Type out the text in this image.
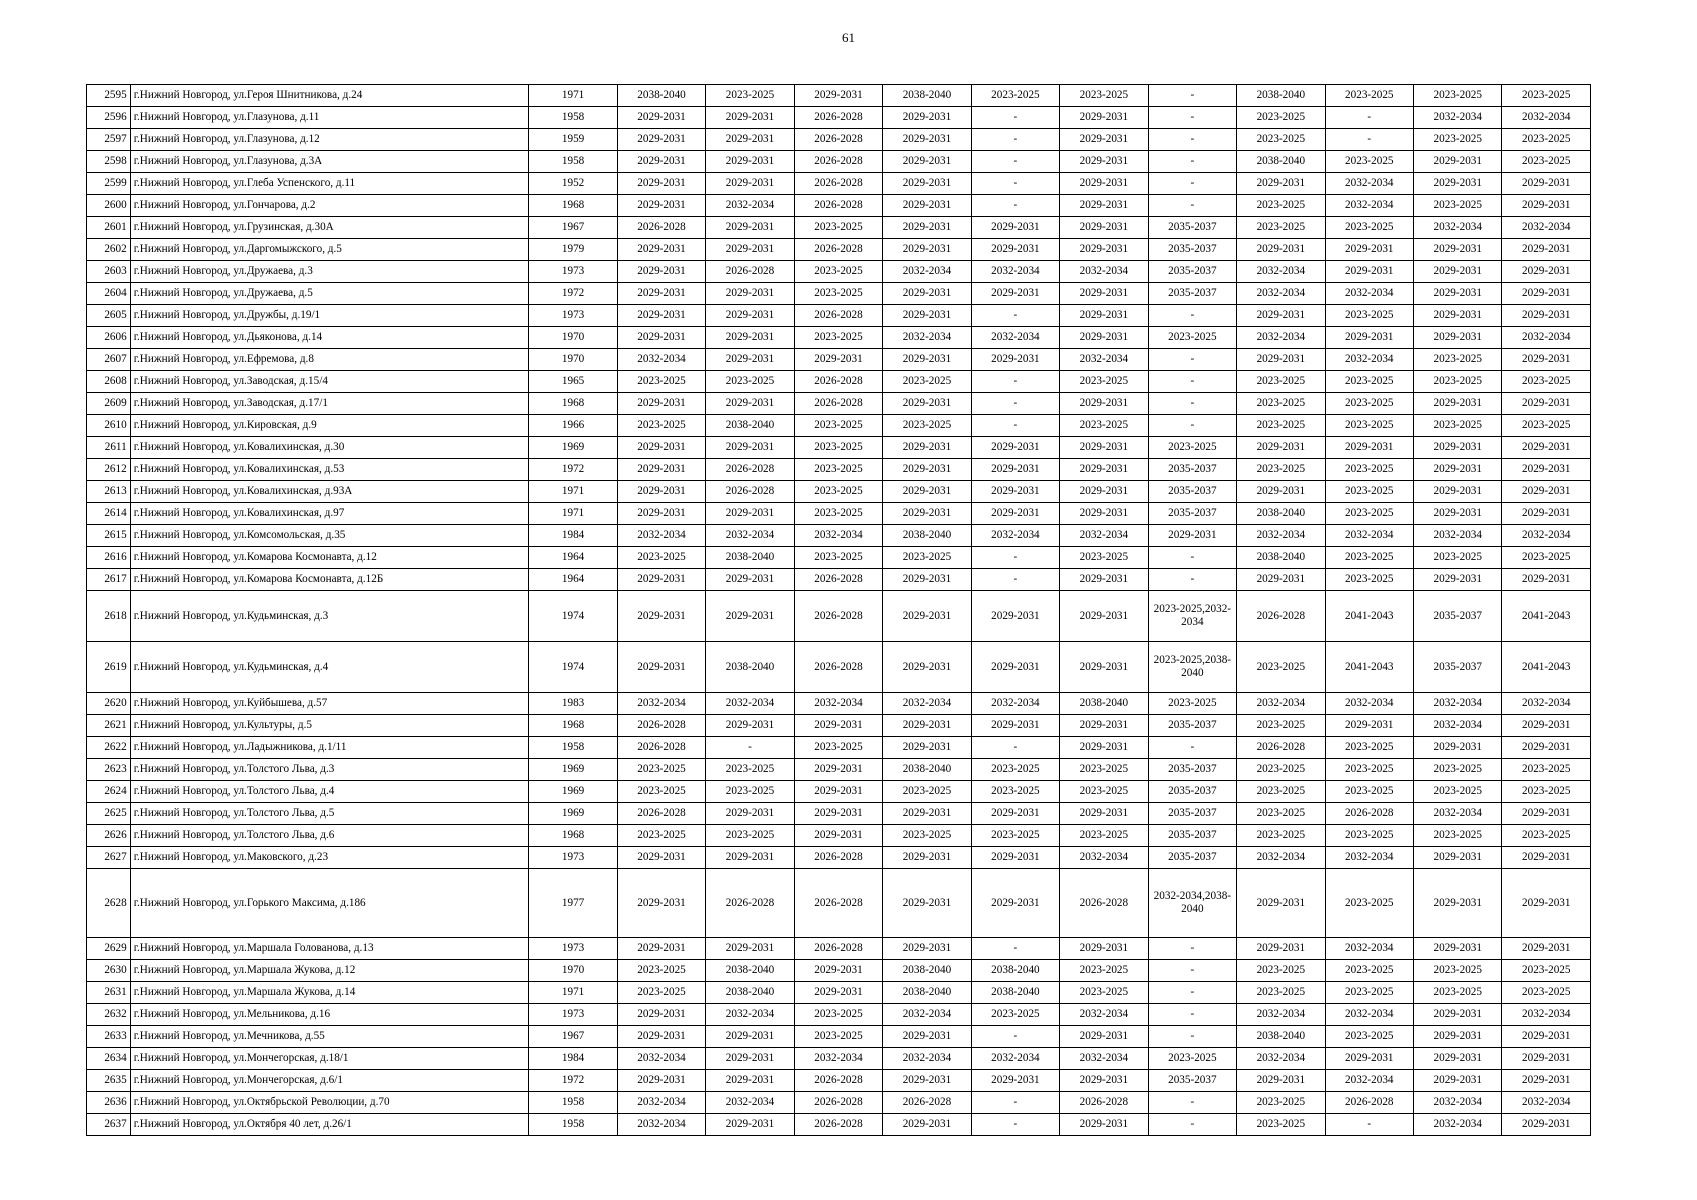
61
2595	г.Нижний Новгород, ул.Героя Шнитникова, д.24	1971	2038-2040	2023-2025	2029-2031	2038-2040	2023-2025	2023-2025	-	2038-2040	2023-2025	2023-2025	2023-2025
2596	г.Нижний Новгород, ул.Глазунова, д.11	1958	2029-2031	2029-2031	2026-2028	2029-2031	-	2029-2031	-	2023-2025	-	2032-2034	2032-2034
2597	г.Нижний Новгород, ул.Глазунова, д.12	1959	2029-2031	2029-2031	2026-2028	2029-2031	-	2029-2031	-	2023-2025	-	2023-2025	2023-2025
2598	г.Нижний Новгород, ул.Глазунова, д.3А	1958	2029-2031	2029-2031	2026-2028	2029-2031	-	2029-2031	-	2038-2040	2023-2025	2029-2031	2023-2025
2599	г.Нижний Новгород, ул.Глеба Успенского, д.11	1952	2029-2031	2029-2031	2026-2028	2029-2031	-	2029-2031	-	2029-2031	2032-2034	2029-2031	2029-2031
2600	г.Нижний Новгород, ул.Гончарова, д.2	1968	2029-2031	2032-2034	2026-2028	2029-2031	-	2029-2031	-	2023-2025	2032-2034	2023-2025	2029-2031
2601	г.Нижний Новгород, ул.Грузинская, д.30А	1967	2026-2028	2029-2031	2023-2025	2029-2031	2029-2031	2029-2031	2035-2037	2023-2025	2023-2025	2032-2034	2032-2034
2602	г.Нижний Новгород, ул.Даргомыжского, д.5	1979	2029-2031	2029-2031	2026-2028	2029-2031	2029-2031	2029-2031	2035-2037	2029-2031	2029-2031	2029-2031	2029-2031
2603	г.Нижний Новгород, ул.Дружаева, д.3	1973	2029-2031	2026-2028	2023-2025	2032-2034	2032-2034	2032-2034	2035-2037	2032-2034	2029-2031	2029-2031	2029-2031
2604	г.Нижний Новгород, ул.Дружаева, д.5	1972	2029-2031	2029-2031	2023-2025	2029-2031	2029-2031	2029-2031	2035-2037	2032-2034	2032-2034	2029-2031	2029-2031
2605	г.Нижний Новгород, ул.Дружбы, д.19/1	1973	2029-2031	2029-2031	2026-2028	2029-2031	-	2029-2031	-	2029-2031	2023-2025	2029-2031	2029-2031
2606	г.Нижний Новгород, ул.Дьяконова, д.14	1970	2029-2031	2029-2031	2023-2025	2032-2034	2032-2034	2029-2031	2023-2025	2032-2034	2029-2031	2029-2031	2032-2034
2607	г.Нижний Новгород, ул.Ефремова, д.8	1970	2032-2034	2029-2031	2029-2031	2029-2031	2029-2031	2032-2034	-	2029-2031	2032-2034	2023-2025	2029-2031
2608	г.Нижний Новгород, ул.Заводская, д.15/4	1965	2023-2025	2023-2025	2026-2028	2023-2025	-	2023-2025	-	2023-2025	2023-2025	2023-2025	2023-2025
2609	г.Нижний Новгород, ул.Заводская, д.17/1	1968	2029-2031	2029-2031	2026-2028	2029-2031	-	2029-2031	-	2023-2025	2023-2025	2029-2031	2029-2031
2610	г.Нижний Новгород, ул.Кировская, д.9	1966	2023-2025	2038-2040	2023-2025	2023-2025	-	2023-2025	-	2023-2025	2023-2025	2023-2025	2023-2025
2611	г.Нижний Новгород, ул.Ковалихинская, д.30	1969	2029-2031	2029-2031	2023-2025	2029-2031	2029-2031	2029-2031	2023-2025	2029-2031	2029-2031	2029-2031	2029-2031
2612	г.Нижний Новгород, ул.Ковалихинская, д.53	1972	2029-2031	2026-2028	2023-2025	2029-2031	2029-2031	2029-2031	2035-2037	2023-2025	2023-2025	2029-2031	2029-2031
2613	г.Нижний Новгород, ул.Ковалихинская, д.93А	1971	2029-2031	2026-2028	2023-2025	2029-2031	2029-2031	2029-2031	2035-2037	2029-2031	2023-2025	2029-2031	2029-2031
2614	г.Нижний Новгород, ул.Ковалихинская, д.97	1971	2029-2031	2029-2031	2023-2025	2029-2031	2029-2031	2029-2031	2035-2037	2038-2040	2023-2025	2029-2031	2029-2031
2615	г.Нижний Новгород, ул.Комсомольская, д.35	1984	2032-2034	2032-2034	2032-2034	2038-2040	2032-2034	2032-2034	2029-2031	2032-2034	2032-2034	2032-2034	2032-2034
2616	г.Нижний Новгород, ул.Комарова Космонавта, д.12	1964	2023-2025	2038-2040	2023-2025	2023-2025	-	2023-2025	-	2038-2040	2023-2025	2023-2025	2023-2025
2617	г.Нижний Новгород, ул.Комарова Космонавта, д.12Б	1964	2029-2031	2029-2031	2026-2028	2029-2031	-	2029-2031	-	2029-2031	2023-2025	2029-2031	2029-2031
2618	г.Нижний Новгород, ул.Кудьминская, д.3	1974	2029-2031	2029-2031	2026-2028	2029-2031	2029-2031	2029-2031	2023-2025,2032-2034	2026-2028	2041-2043	2035-2037	2041-2043
2619	г.Нижний Новгород, ул.Кудьминская, д.4	1974	2029-2031	2038-2040	2026-2028	2029-2031	2029-2031	2029-2031	2023-2025,2038-2040	2023-2025	2041-2043	2035-2037	2041-2043
2620	г.Нижний Новгород, ул.Куйбышева, д.57	1983	2032-2034	2032-2034	2032-2034	2032-2034	2032-2034	2038-2040	2023-2025	2032-2034	2032-2034	2032-2034	2032-2034
2621	г.Нижний Новгород, ул.Культуры, д.5	1968	2026-2028	2029-2031	2029-2031	2029-2031	2029-2031	2029-2031	2035-2037	2023-2025	2029-2031	2032-2034	2029-2031
2622	г.Нижний Новгород, ул.Ладыжникова, д.1/11	1958	2026-2028	-	2023-2025	2029-2031	-	2029-2031	-	2026-2028	2023-2025	2029-2031	2029-2031
2623	г.Нижний Новгород, ул.Толстого Льва, д.3	1969	2023-2025	2023-2025	2029-2031	2038-2040	2023-2025	2023-2025	2035-2037	2023-2025	2023-2025	2023-2025	2023-2025
2624	г.Нижний Новгород, ул.Толстого Льва, д.4	1969	2023-2025	2023-2025	2029-2031	2023-2025	2023-2025	2023-2025	2035-2037	2023-2025	2023-2025	2023-2025	2023-2025
2625	г.Нижний Новгород, ул.Толстого Льва, д.5	1969	2026-2028	2029-2031	2029-2031	2029-2031	2029-2031	2029-2031	2035-2037	2023-2025	2026-2028	2032-2034	2029-2031
2626	г.Нижний Новгород, ул.Толстого Льва, д.6	1968	2023-2025	2023-2025	2029-2031	2023-2025	2023-2025	2023-2025	2035-2037	2023-2025	2023-2025	2023-2025	2023-2025
2627	г.Нижний Новгород, ул.Маковского, д.23	1973	2029-2031	2029-2031	2026-2028	2029-2031	2029-2031	2032-2034	2035-2037	2032-2034	2032-2034	2029-2031	2029-2031
2628	г.Нижний Новгород, ул.Горького Максима, д.186	1977	2029-2031	2026-2028	2026-2028	2029-2031	2029-2031	2026-2028	2032-2034,2038-2040	2029-2031	2023-2025	2029-2031	2029-2031
2629	г.Нижний Новгород, ул.Маршала Голованова, д.13	1973	2029-2031	2029-2031	2026-2028	2029-2031	-	2029-2031	-	2029-2031	2032-2034	2029-2031	2029-2031
2630	г.Нижний Новгород, ул.Маршала Жукова, д.12	1970	2023-2025	2038-2040	2029-2031	2038-2040	2038-2040	2023-2025	-	2023-2025	2023-2025	2023-2025	2023-2025
2631	г.Нижний Новгород, ул.Маршала Жукова, д.14	1971	2023-2025	2038-2040	2029-2031	2038-2040	2038-2040	2023-2025	-	2023-2025	2023-2025	2023-2025	2023-2025
2632	г.Нижний Новгород, ул.Мельникова, д.16	1973	2029-2031	2032-2034	2023-2025	2032-2034	2023-2025	2032-2034	-	2032-2034	2032-2034	2029-2031	2032-2034
2633	г.Нижний Новгород, ул.Мечникова, д.55	1967	2029-2031	2029-2031	2023-2025	2029-2031	-	2029-2031	-	2038-2040	2023-2025	2029-2031	2029-2031
2634	г.Нижний Новгород, ул.Мончегорская, д.18/1	1984	2032-2034	2029-2031	2032-2034	2032-2034	2032-2034	2032-2034	2023-2025	2032-2034	2029-2031	2029-2031	2029-2031
2635	г.Нижний Новгород, ул.Мончегорская, д.6/1	1972	2029-2031	2029-2031	2026-2028	2029-2031	2029-2031	2029-2031	2035-2037	2029-2031	2032-2034	2029-2031	2029-2031
2636	г.Нижний Новгород, ул.Октябрьской Революции, д.70	1958	2032-2034	2032-2034	2026-2028	2026-2028	-	2026-2028	-	2023-2025	2026-2028	2032-2034	2032-2034
2637	г.Нижний Новгород, ул.Октября 40 лет, д.26/1	1958	2032-2034	2029-2031	2026-2028	2029-2031	-	2029-2031	-	2023-2025	-	2032-2034	2029-2031
